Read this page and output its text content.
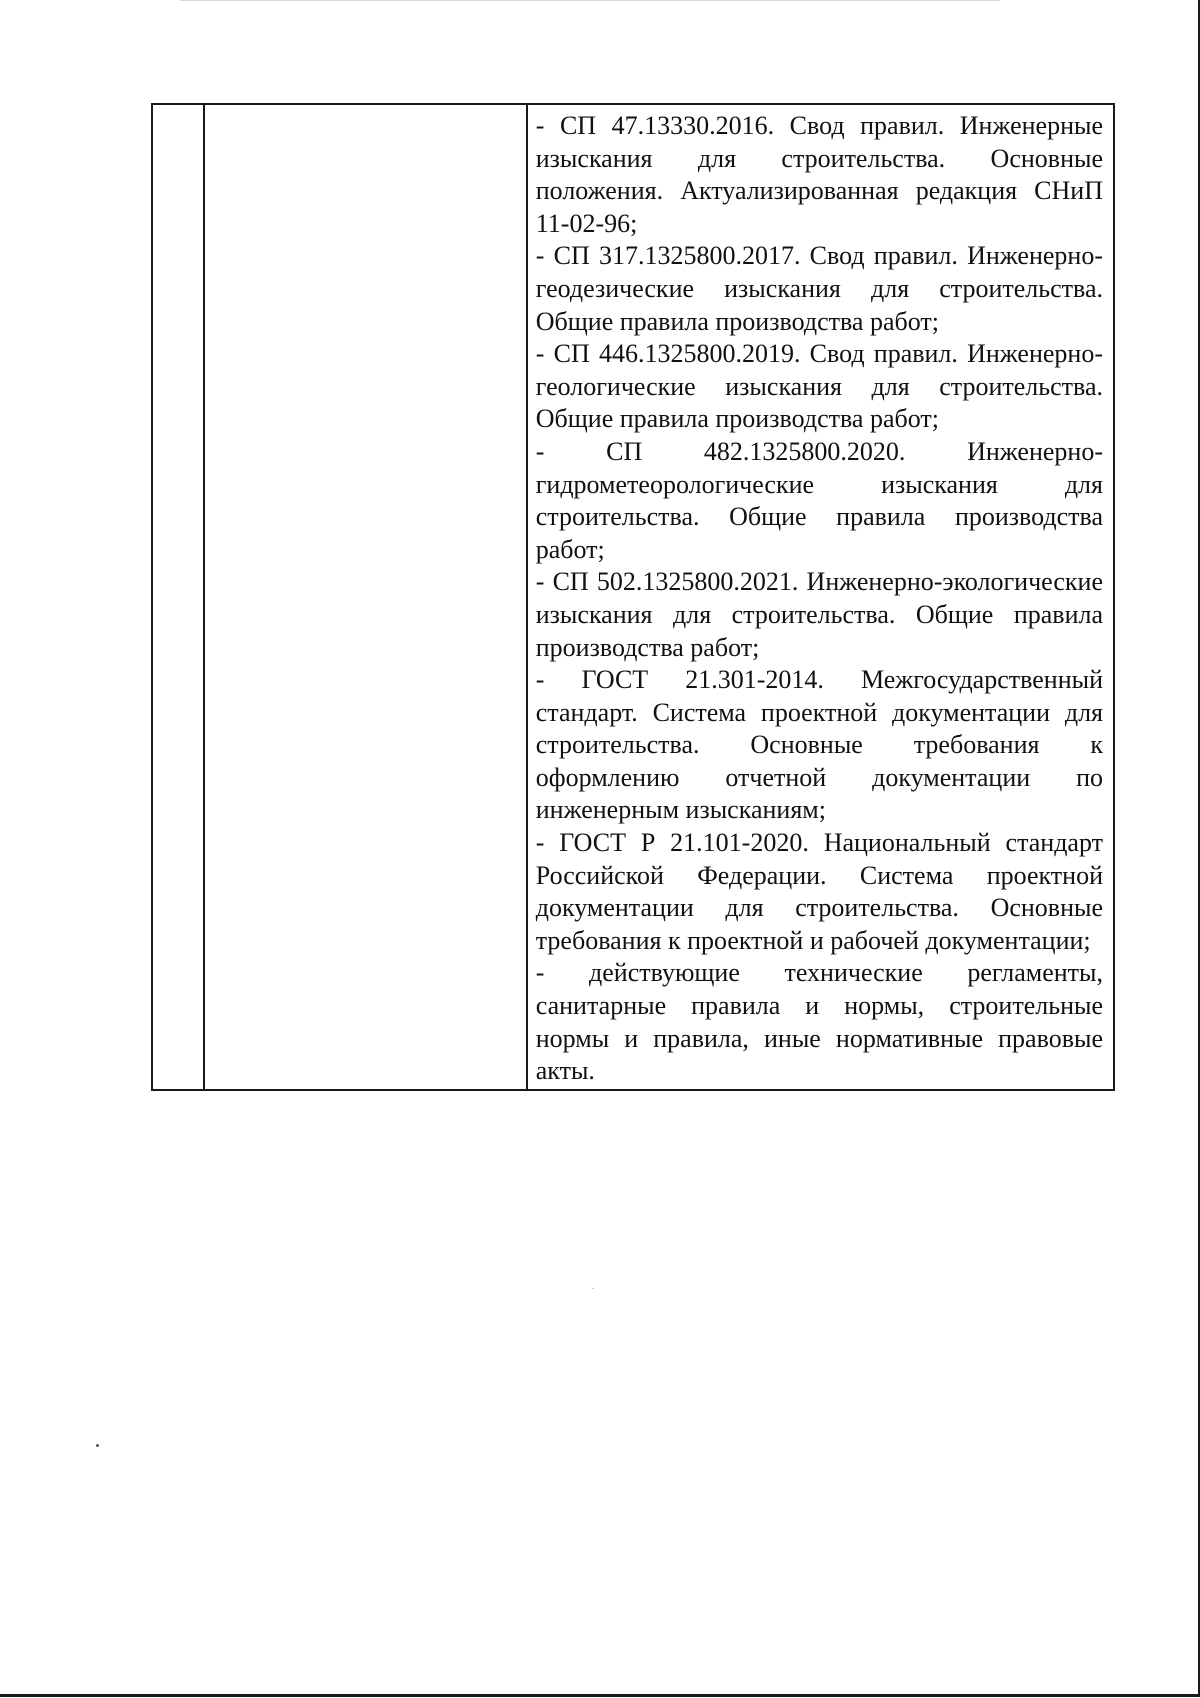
- СП 47.13330.2016. Свод правил. Инженерные изыскания для строительства. Основные положения. Актуализированная редакция СНиП 11-02-96;

- СП 317.1325800.2017. Свод правил. Инженерно-геодезические изыскания для строительства. Общие правила производства работ;

- СП 446.1325800.2019. Свод правил. Инженерно-геологические изыскания для строительства. Общие правила производства работ;

- СП 482.1325800.2020. Инженерно-гидрометеорологические изыскания для строительства. Общие правила производства работ;

- СП 502.1325800.2021. Инженерно-экологические изыскания для строительства. Общие правила производства работ;

- ГОСТ 21.301-2014. Межгосударственный стандарт. Система проектной документации для строительства. Основные требования к оформлению отчетной документации по инженерным изысканиям;

- ГОСТ Р 21.101-2020. Национальный стандарт Российской Федерации. Система проектной документации для строительства. Основные требования к проектной и рабочей документации;

- действующие технические регламенты, санитарные правила и нормы, строительные нормы и правила, иные нормативные правовые акты.
